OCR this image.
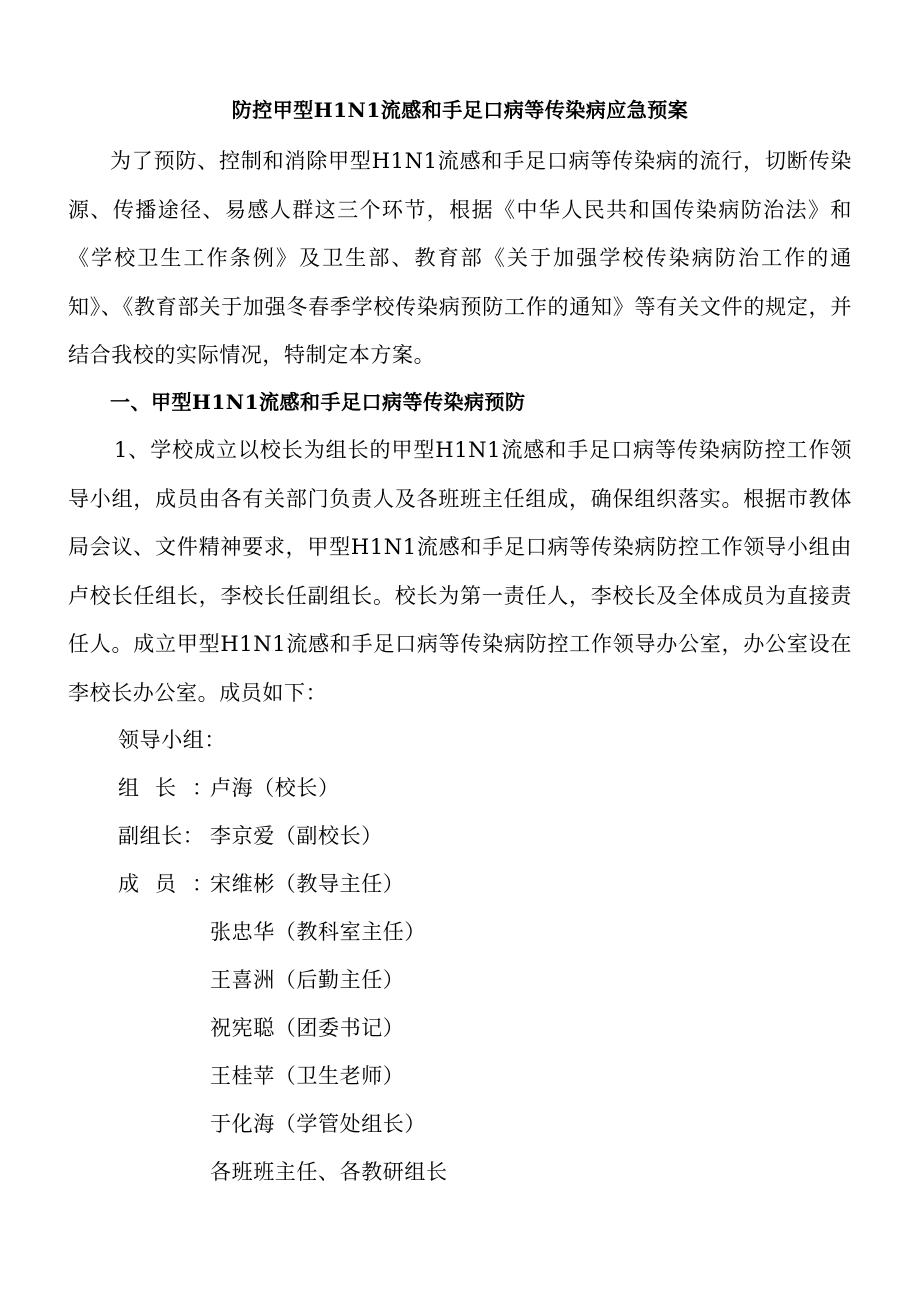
防控甲型H1N1流感和手足口病等传染病应急预案
为了预防、控制和消除甲型H1N1流感和手足口病等传染病的流行，切断传染源、传播途径、易感人群这三个环节，根据《中华人民共和国传染病防治法》和《学校卫生工作条例》及卫生部、教育部《关于加强学校传染病防治工作的通知》、《教育部关于加强冬春季学校传染病预防工作的通知》等有关文件的规定，并结合我校的实际情况，特制定本方案。
一、甲型H1N1流感和手足口病等传染病预防
1、学校成立以校长为组长的甲型H1N1流感和手足口病等传染病防控工作领导小组，成员由各有关部门负责人及各班班主任组成，确保组织落实。根据市教体局会议、文件精神要求，甲型H1N1流感和手足口病等传染病防控工作领导小组由卢校长任组长，李校长任副组长。校长为第一责任人，李校长及全体成员为直接责任人。成立甲型H1N1流感和手足口病等传染病防控工作领导办公室，办公室设在李校长办公室。成员如下：
领导小组：
组长：卢海（校长）
副组长： 李京爱（副校长）
成员：宋维彬（教导主任）
张忠华（教科室主任）
王喜洲（后勤主任）
祝宪聪（团委书记）
王桂苹（卫生老师）
于化海（学管处组长）
各班班主任、各教研组长
